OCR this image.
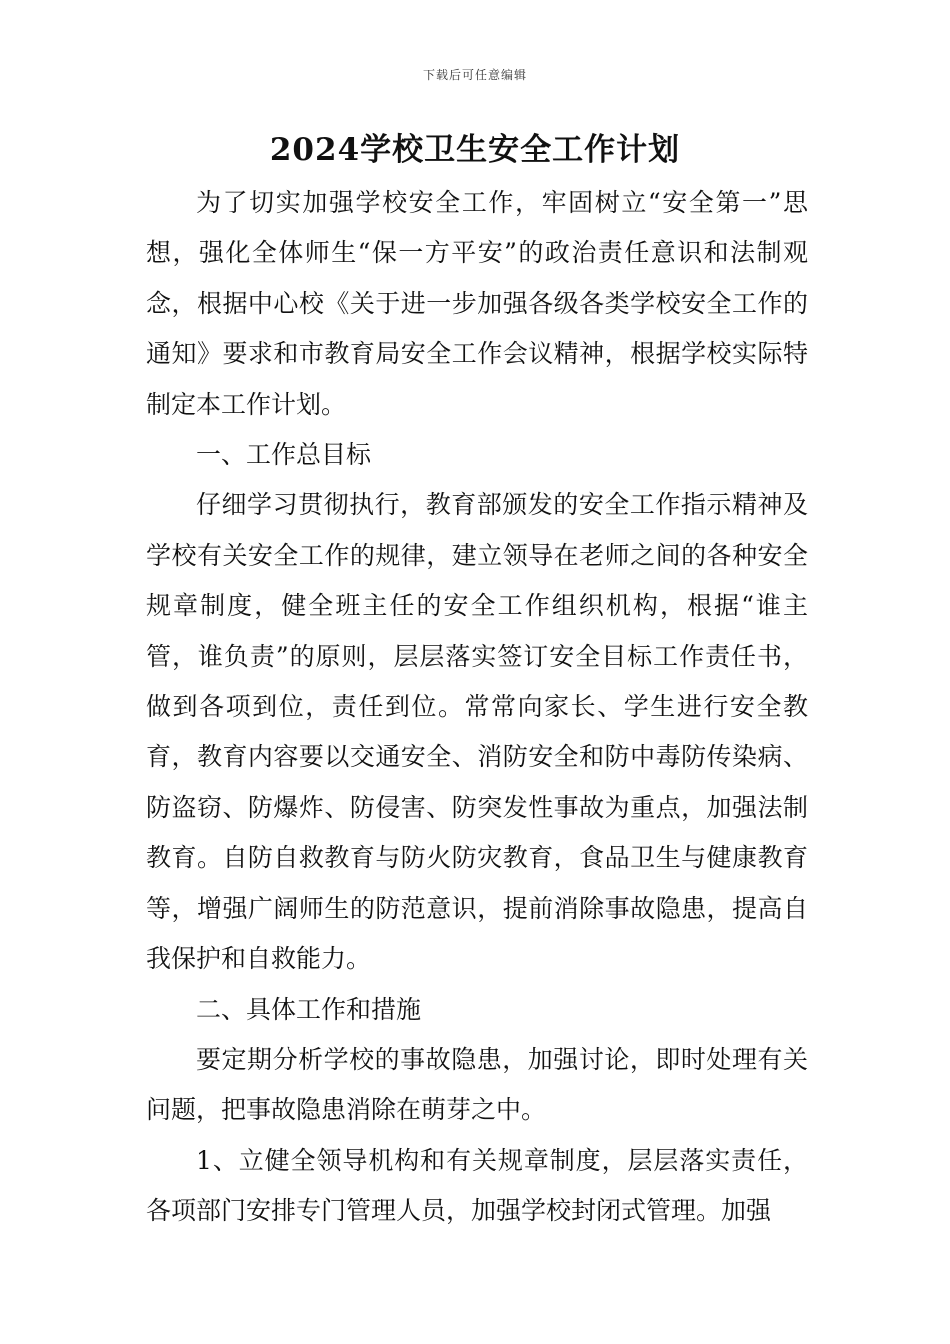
下载后可任意编辑
2024学校卫生安全工作计划

为了切实加强学校安全工作，牢固树立“安全第一”思想，强化全体师生“保一方平安”的政治责任意识和法制观念，根据中心校《关于进一步加强各级各类学校安全工作的通知》要求和市教育局安全工作会议精神，根据学校实际特制定本工作计划。

一、工作总目标

仔细学习贯彻执行，教育部颁发的安全工作指示精神及学校有关安全工作的规律，建立领导在老师之间的各种安全规章制度，健全班主任的安全工作组织机构，根据“谁主管，谁负责”的原则，层层落实签订安全目标工作责任书，做到各项到位，责任到位。常常向家长、学生进行安全教育，教育内容要以交通安全、消防安全和防中毒防传染病、防盗窃、防爆炸、防侵害、防突发性事故为重点，加强法制教育。自防自救教育与防火防灾教育，食品卫生与健康教育等，增强广阔师生的防范意识，提前消除事故隐患，提高自我保护和自救能力。

二、具体工作和措施

要定期分析学校的事故隐患，加强讨论，即时处理有关问题，把事故隐患消除在萌芽之中。

1、立健全领导机构和有关规章制度，层层落实责任，各项部门安排专门管理人员，加强学校封闭式管理。加强
